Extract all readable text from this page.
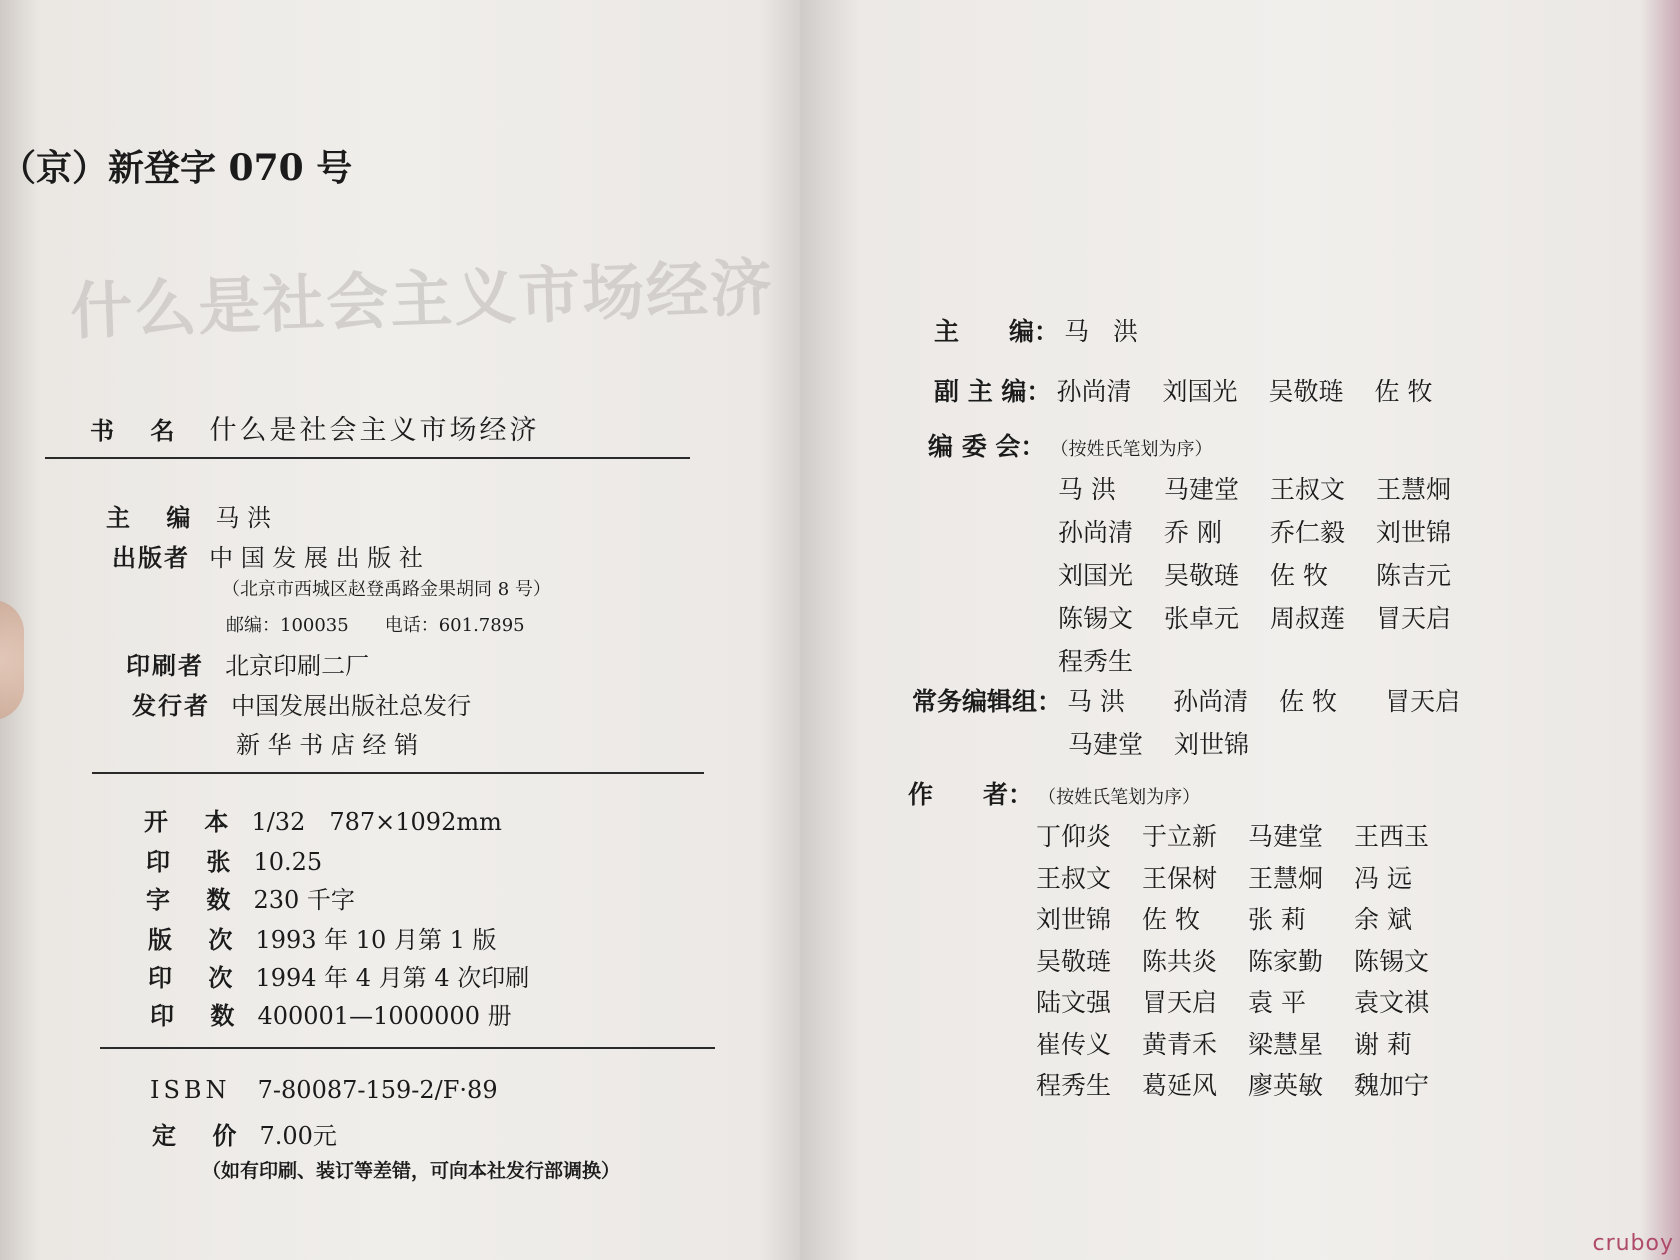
（京）新登字 070 号
什么是社会主义市场经济
书 名 什么是社会主义市场经济
主 编 马 洪
出版者 中 国 发 展 出 版 社
（北京市西城区赵登禹路金果胡同 8 号）
邮编：100035　　电话：601.7895
印刷者 北京印刷二厂
发行者 中国发展出版社总发行
新 华 书 店 经 销
开 本 1/32　787×1092mm
印 张 10.25
字 数 230 千字
版 次 1993 年 10 月第 1 版
印 次 1994 年 4 月第 4 次印刷
印 数 400001—1000000 册
ISBN 7-80087-159-2/F·89
定 价 7.00元
（如有印刷、装订等差错，可向本社发行部调换）
主　　编： 马 洪
副 主 编： 孙尚清 刘国光 吴敬琏 佐 牧
编 委 会： （按姓氏笔划为序）
马 洪 马建堂 王叔文 王慧炯
孙尚清 乔 刚 乔仁毅 刘世锦
刘国光 吴敬琏 佐 牧 陈吉元
陈锡文 张卓元 周叔莲 冒天启
程秀生
常务编辑组： 马 洪 孙尚清 佐 牧 冒天启
马建堂 刘世锦
作　　者： （按姓氏笔划为序）
丁仰炎 于立新 马建堂 王西玉
王叔文 王保树 王慧炯 冯 远
刘世锦 佐 牧 张 莉 余 斌
吴敬琏 陈共炎 陈家勤 陈锡文
陆文强 冒天启 袁 平 袁文祺
崔传义 黄青禾 梁慧星 谢 莉
程秀生 葛延风 廖英敏 魏加宁
cruboy
